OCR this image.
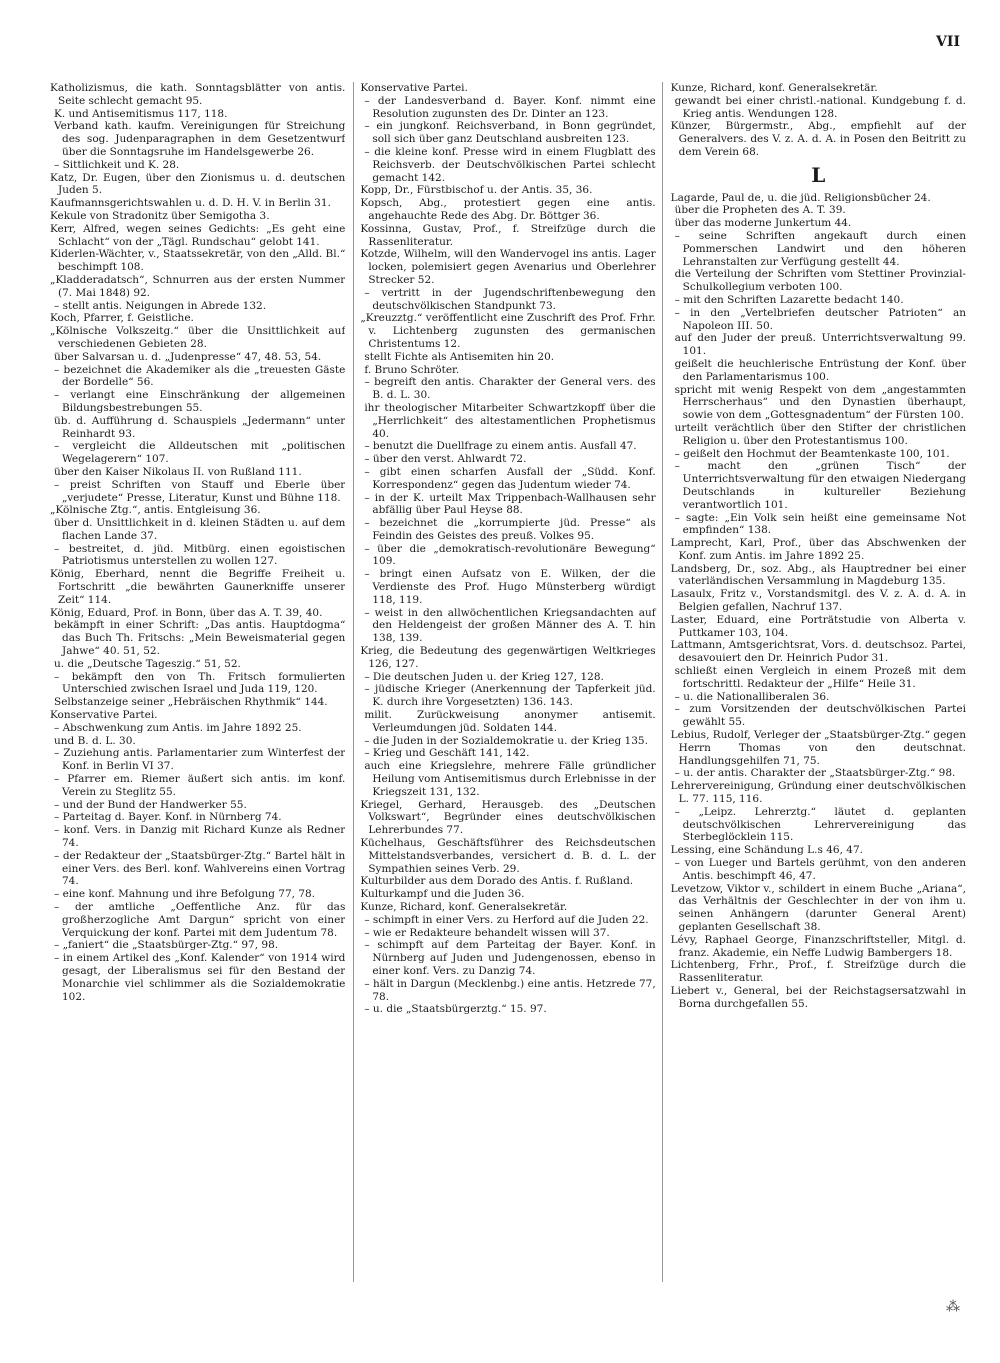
VII

Katholizismus, die kath. Sonntagsblätter von antis. Seite schlecht gemacht 95.

K. und Antisemitismus 117, 118.

Verband kath. kaufm. Vereinigungen für Streichung des sog. Judenparagraphen in dem Gesetzentwurf über die Sonntagsruhe im Handelsgewerbe 26.

– Sittlichkeit und K. 28.

Katz, Dr. Eugen, über den Zionismus u. d. deutschen Juden 5.

Kaufmannsgerichtswahlen u. d. D. H. V. in Berlin 31.

Kekule von Stradonitz über Semigotha 3.

Kerr, Alfred, wegen seines Gedichts: „Es geht eine Schlacht“ von der „Tägl. Rundschau“ gelobt 141.

Kiderlen-Wächter, v., Staatssekretär, von den „Alld. Bl.“ beschimpft 108.

„Kladderadatsch“, Schnurren aus der ersten Nummer (7. Mai 1848) 92.

– stellt antis. Neigungen in Abrede 132.

Koch, Pfarrer, f. Geistliche.

„Kölnische Volkszeitg.“ über die Unsittlichkeit auf verschiedenen Gebieten 28.

über Salvarsan u. d. „Judenpresse“ 47, 48. 53, 54.

– bezeichnet die Akademiker als die „treuesten Gäste der Bordelle“ 56.

– verlangt eine Einschränkung der allgemeinen Bildungsbestrebungen 55.

üb. d. Aufführung d. Schauspiels „Jedermann“ unter Reinhardt 93.

– vergleicht die Alldeutschen mit „politischen Wegelagerern“ 107.

über den Kaiser Nikolaus II. von Rußland 111.

– preist Schriften von Stauff und Eberle über „verjudete“ Presse, Literatur, Kunst und Bühne 118.

„Kölnische Ztg.“, antis. Entgleisung 36.

über d. Unsittlichkeit in d. kleinen Städten u. auf dem flachen Lande 37.

– bestreitet, d. jüd. Mitbürg. einen egoistischen Patriotismus unterstellen zu wollen 127.

König, Eberhard, nennt die Begriffe Freiheit u. Fortschritt „die bewährten Gaunerkniffe unserer Zeit“ 114.

König, Eduard, Prof. in Bonn, über das A. T. 39, 40.

bekämpft in einer Schrift: „Das antis. Hauptdogma“ das Buch Th. Fritschs: „Mein Beweismaterial gegen Jahwe“ 40. 51, 52.

u. die „Deutsche Tageszig.“ 51, 52.

– bekämpft den von Th. Fritsch formulierten Unterschied zwischen Israel und Juda 119, 120.

Selbstanzeige seiner „Hebräischen Rhythmik“ 144.

Konservative Partei.

– Abschwenkung zum Antis. im Jahre 1892 25.

und B. d. L. 30.

– Zuziehung antis. Parlamentarier zum Winterfest der Konf. in Berlin VI 37.

– Pfarrer em. Riemer äußert sich antis. im konf. Verein zu Steglitz 55.

– und der Bund der Handwerker 55.

– Parteitag d. Bayer. Konf. in Nürnberg 74.

– konf. Vers. in Danzig mit Richard Kunze als Redner 74.

– der Redakteur der „Staatsbürger-Ztg.“ Bartel hält in einer Vers. des Berl. konf. Wahlvereins einen Vortrag 74.

– eine konf. Mahnung und ihre Befolgung 77, 78.

– der amtliche „Oeffentliche Anz. für das großherzogliche Amt Dargun“ spricht von einer Verquickung der konf. Partei mit dem Judentum 78.

– „faniert“ die „Staatsbürger-Ztg.“ 97, 98.

– in einem Artikel des „Konf. Kalender“ von 1914 wird gesagt, der Liberalismus sei für den Bestand der Monarchie viel schlimmer als die Sozialdemokratie 102.

Konservative Partei.

– der Landesverband d. Bayer. Konf. nimmt eine Resolution zugunsten des Dr. Dinter an 123.

– ein jungkonf. Reichsverband, in Bonn gegründet, soll sich über ganz Deutschland ausbreiten 123.

– die kleine konf. Presse wird in einem Flugblatt des Reichsverb. der Deutschvölkischen Partei schlecht gemacht 142.

Kopp, Dr., Fürstbischof u. der Antis. 35, 36.

Kopsch, Abg., protestiert gegen eine antis. angehauchte Rede des Abg. Dr. Böttger 36.

Kossinna, Gustav, Prof., f. Streifzüge durch die Rassenliteratur.

Kotzde, Wilhelm, will den Wandervogel ins antis. Lager locken, polemisiert gegen Avenarius und Oberlehrer Strecker 52.

– vertritt in der Jugendschriftenbewegung den deutschvölkischen Standpunkt 73.

„Kreuzztg.“ veröffentlicht eine Zuschrift des Prof. Frhr. v. Lichtenberg zugunsten des germanischen Christentums 12.

stellt Fichte als Antisemiten hin 20.

f. Bruno Schröter.

– begreift den antis. Charakter der General vers. des B. d. L. 30.

ihr theologischer Mitarbeiter Schwartzkopff über die „Herrlichkeit“ des altestamentlichen Prophetismus 40.

– benutzt die Duellfrage zu einem antis. Ausfall 47.

– über den verst. Ahlwardt 72.

– gibt einen scharfen Ausfall der „Südd. Konf. Korrespondenz“ gegen das Judentum wieder 74.

– in der K. urteilt Max Trippenbach-Wallhausen sehr abfällig über Paul Heyse 88.

– bezeichnet die „korrumpierte jüd. Presse“ als Feindin des Geistes des preuß. Volkes 95.

– über die „demokratisch-revolutionäre Bewegung“ 109.

– bringt einen Aufsatz von E. Wilken, der die Verdienste des Prof. Hugo Münsterberg würdigt 118, 119.

– weist in den allwöchentlichen Kriegsandachten auf den Heldengeist der großen Männer des A. T. hin 138, 139.

Krieg, die Bedeutung des gegenwärtigen Weltkrieges 126, 127.

– Die deutschen Juden u. der Krieg 127, 128.

– jüdische Krieger (Anerkennung der Tapferkeit jüd. K. durch ihre Vorgesetzten) 136. 143.

milit. Zurückweisung anonymer antisemit. Verleumdungen jüd. Soldaten 144.

– die Juden in der Sozialdemokratie u. der Krieg 135.

– Krieg und Geschäft 141, 142.

auch eine Kriegslehre, mehrere Fälle gründlicher Heilung vom Antisemitismus durch Erlebnisse in der Kriegszeit 131, 132.

Kriegel, Gerhard, Herausgeb. des „Deutschen Volkswart“, Begründer eines deutschvölkischen Lehrerbundes 77.

Küchelhaus, Geschäftsführer des Reichsdeutschen Mittelstandsverbandes, versichert d. B. d. L. der Sympathien seines Verb. 29.

Kulturbilder aus dem Dorado des Antis. f. Rußland.

Kulturkampf und die Juden 36.

Kunze, Richard, konf. Generalsekretär.

– schimpft in einer Vers. zu Herford auf die Juden 22.

– wie er Redakteure behandelt wissen will 37.

– schimpft auf dem Parteitag der Bayer. Konf. in Nürnberg auf Juden und Judengenossen, ebenso in einer konf. Vers. zu Danzig 74.

– hält in Dargun (Mecklenbg.) eine antis. Hetzrede 77, 78.

– u. die „Staatsbürgerztg.“ 15. 97.

Kunze, Richard, konf. Generalsekretär.

gewandt bei einer christl.-national. Kundgebung f. d. Krieg antis. Wendungen 128.

Künzer, Bürgermstr., Abg., empfiehlt auf der Generalvers. des V. z. A. d. A. in Posen den Beitritt zu dem Verein 68.

L

Lagarde, Paul de, u. die jüd. Religionsbücher 24.

über die Propheten des A. T. 39.

über das moderne Junkertum 44.

– seine Schriften angekauft durch einen Pommerschen Landwirt und den höheren Lehranstalten zur Verfügung gestellt 44.

die Verteilung der Schriften vom Stettiner Provinzial-Schulkollegium verboten 100.

– mit den Schriften Lazarette bedacht 140.

– in den „Vertelbriefen deutscher Patrioten“ an Napoleon III. 50.

auf den Juder der preuß. Unterrichtsverwaltung 99. 101.

geißelt die heuchlerische Entrüstung der Konf. über den Parlamentarismus 100.

spricht mit wenig Respekt von dem „angestammten Herrscherhaus“ und den Dynastien überhaupt, sowie von dem „Gottesgnadentum“ der Fürsten 100.

urteilt verächtlich über den Stifter der christlichen Religion u. über den Protestantismus 100.

– geißelt den Hochmut der Beamtenkaste 100, 101.

– macht den „grünen Tisch“ der Unterrichtsverwaltung für den etwaigen Niedergang Deutschlands in kultureller Beziehung verantwortlich 101.

– sagte: „Ein Volk sein heißt eine gemeinsame Not empfinden“ 138.

Lamprecht, Karl, Prof., über das Abschwenken der Konf. zum Antis. im Jahre 1892 25.

Landsberg, Dr., soz. Abg., als Hauptredner bei einer vaterländischen Versammlung in Magdeburg 135.

Lasaulx, Fritz v., Vorstandsmitgl. des V. z. A. d. A. in Belgien gefallen, Nachruf 137.

Laster, Eduard, eine Porträtstudie von Alberta v. Puttkamer 103, 104.

Lattmann, Amtsgerichtsrat, Vors. d. deutschsoz. Partei, desavouiert den Dr. Heinrich Pudor 31.

schließt einen Vergleich in einem Prozeß mit dem fortschrittl. Redakteur der „Hilfe“ Heile 31.

– u. die Nationalliberalen 36.

– zum Vorsitzenden der deutschvölkischen Partei gewählt 55.

Lebius, Rudolf, Verleger der „Staatsbürger-Ztg.“ gegen Herrn Thomas von den deutschnat. Handlungsgehilfen 71, 75.

– u. der antis. Charakter der „Staatsbürger-Ztg.“ 98.

Lehrervereinigung, Gründung einer deutschvölkischen L. 77. 115, 116.

– „Leipz. Lehrerztg.“ läutet d. geplanten deutschvölkischen Lehrervereinigung das Sterbeglöcklein 115.

Lessing, eine Schändung L.s 46, 47.

– von Lueger und Bartels gerühmt, von den anderen Antis. beschimpft 46, 47.

Levetzow, Viktor v., schildert in einem Buche „Ariana“, das Verhältnis der Geschlechter in der von ihm u. seinen Anhängern (darunter General Arent) geplanten Gesellschaft 38.

Lévy, Raphael George, Finanzschriftsteller, Mitgl. d. franz. Akademie, ein Neffe Ludwig Bambergers 18.

Lichtenberg, Frhr., Prof., f. Streifzüge durch die Rassenliteratur.

Liebert v., General, bei der Reichstagsersatzwahl in Borna durchgefallen 55.

⁂
